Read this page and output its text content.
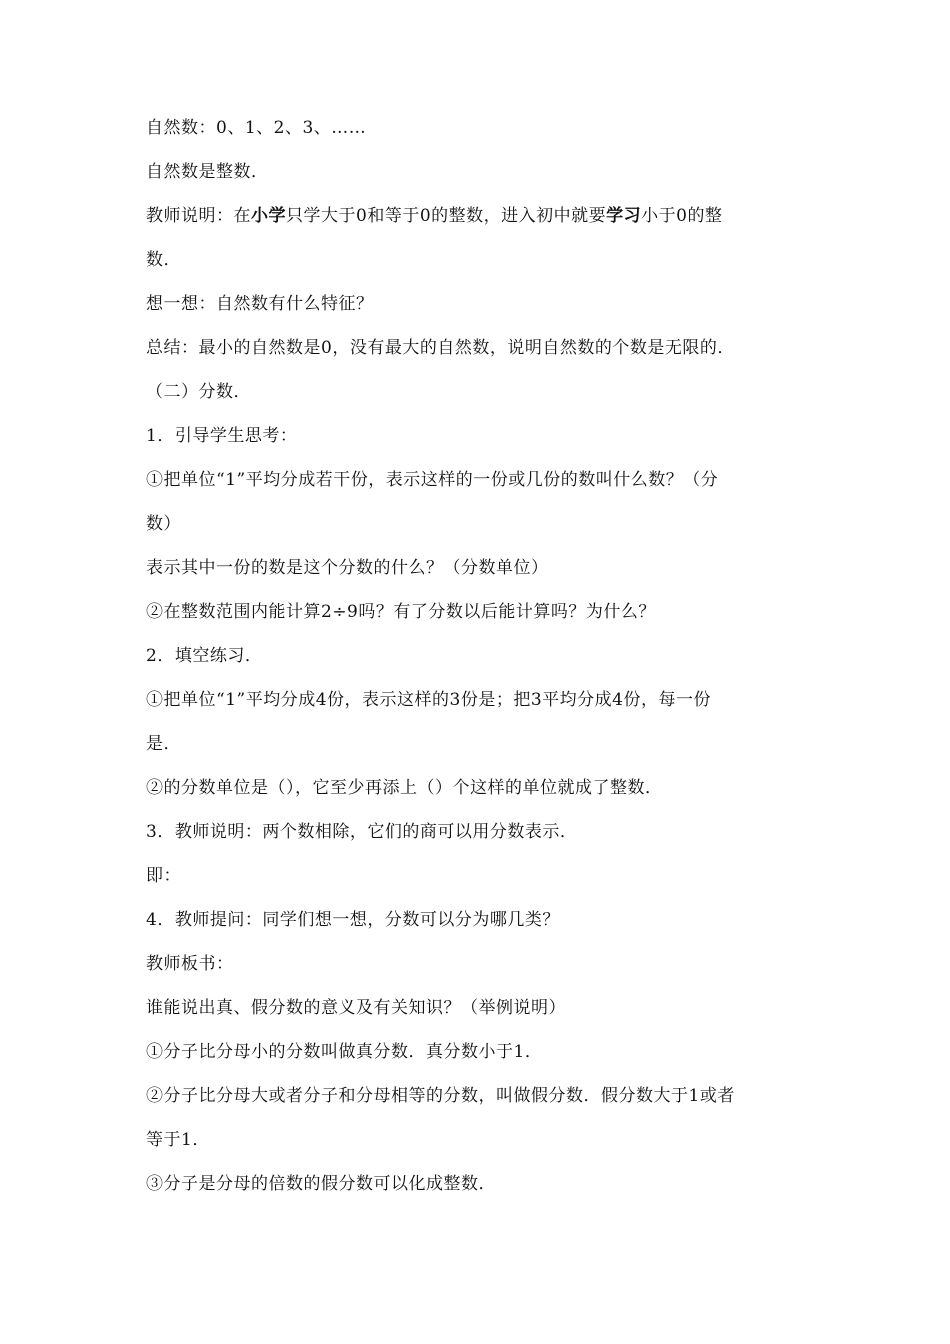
自然数：0、1、2、3、……
自然数是整数．
教师说明：在小学只学大于0和等于0的整数，进入初中就要学习小于0的整
数．
想一想：自然数有什么特征？
总结：最小的自然数是0，没有最大的自然数，说明自然数的个数是无限的．
（二）分数．
1．引导学生思考：
①把单位“1”平均分成若干份，表示这样的一份或几份的数叫什么数？（分
数）
表示其中一份的数是这个分数的什么？（分数单位）
②在整数范围内能计算2÷9吗？有了分数以后能计算吗？为什么？
2．填空练习．
①把单位“1”平均分成4份，表示这样的3份是；把3平均分成4份，每一份
是．
②的分数单位是（），它至少再添上（）个这样的单位就成了整数．
3．教师说明：两个数相除，它们的商可以用分数表示．
即：
4．教师提问：同学们想一想，分数可以分为哪几类？
教师板书：
谁能说出真、假分数的意义及有关知识？（举例说明）
①分子比分母小的分数叫做真分数．真分数小于1．
②分子比分母大或者分子和分母相等的分数，叫做假分数．假分数大于1或者
等于1．
③分子是分母的倍数的假分数可以化成整数．
